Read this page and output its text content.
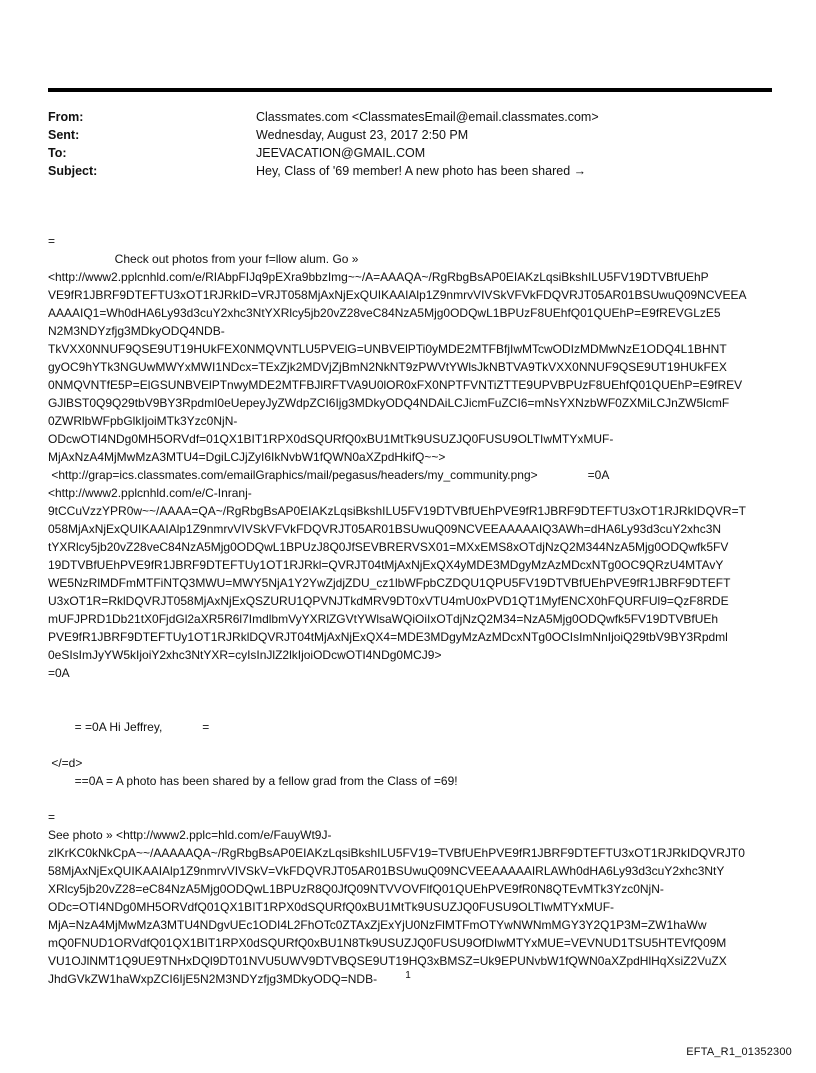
From:	Classmates.com <ClassmatesEmail@email.classmates.com>
Sent:	Wednesday, August 23, 2017 2:50 PM
To:	JEEVACATION@GMAIL.COM
Subject:	Hey, Class of '69 member! A new photo has been shared →
=
Check out photos from your f=llow alum. Go »
<http://www2.pplcnhld.com/e/RIAbpFIJq9pEXra9bbzImg~~/A=AAAQA~/RgRbgBsAP0EIAKzLqsiBkshILU5FV19DTVBfUEhP
VE9fR1JBRF9DTEFTU3xOT1RJRkID=VRJT058MjAxNjExQUIKAAIAlp1Z9nmrvVIVSkVFVkFDQVRJT05AR01BSUwuQ09NCVEEA
AAAAIQ1=Wh0dHA6Ly93d3cuY2xhc3NtYXRlcy5jb20vZ28veC84NzA5Mjg0ODQwL1BPUzF8UEhfQ01QUEhP=E9fREVGLzE5
N2M3NDYzfjg3MDkyODQ4NDB-
TkVXX0NNUF9QSE9UT19HUkFEX0NMQVNTLU5PVElG=UNBVElPTi0yMDE2MTFBfjIwMTcwODIzMDMwNzE1ODQ4L1BHNT
gyOC9hYTk3NGUwMWYxMWI1NDcx=TExZjk2MDVjZjBmN2NkNT9zPWVtYWlsJkNBTVA9TkVXX0NNUF9QSE9UT19HUkFEX
0NMQVNTfE5P=ElGSUNBVElPTnwyMDE2MTFBJlRFTVA9U0lOR0xFX0NPTFVNTiZTTE9UPVBPUzF8UEhfQ01QUEhP=E9fREV
GJlBST0Q9Q29tbV9BY3RpdmI0eUepeyJyZWdpZCI6Ijg3MDkyODQ4NDAiLCJicmFuZCI6=mNsYXNzbWF0ZXMiLCJnZW5lcmF
0ZWRlbWFpbGlkIjoiMTk3Yzc0NjN-
ODcwOTI4NDg0MH5ORVdf=01QX1BIT1RPX0dSQURfQ0xBU1MtTk9USUZJQ0FUSU9OLTIwMTYxMUF-
MjAxNzA4MjMwMzA3MTU4=DgiLCJjZyI6IkNvbW1fQWN0aXZpdHkifQ~~>
<http://grap=ics.classmates.com/emailGraphics/mail/pegasus/headers/my_community.png>               =0A
<http://www2.pplcnhld.com/e/C-Inranj-
9tCCuVzzYPR0w~~/AAAA=QA~/RgRbgBsAP0EIAKzLqsiBkshILU5FV19DTVBfUEhPVE9fR1JBRF9DTEFTU3xOT1RJRkIDQVR=T
058MjAxNjExQUIKAAIAlp1Z9nmrvVIVSkVFVkFDQVRJT05AR01BSUwuQ09NCVEEAAAAAIQ3AWh=dHA6Ly93d3cuY2xhc3N
tYXRlcy5jb20vZ28veC84NzA5Mjg0ODQwL1BPUzJ8Q0JfSEVBRERVSX01=MXxEMS8xOTdjNzQ2M344NzA5Mjg0ODQwfk5FV
19DTVBfUEhPVE9fR1JBRF9DTEFTUy1OT1RJRkl=QVRJT04tMjAxNjExQX4yMDE3MDgyMzAzMDcxNTg0OC9QRzU4MTAvY
WE5NzRlMDFmMTFiNTQ3MWU=MWY5NjA1Y2YwZjdjZDU_cz1lbWFpbCZDQU1QPU5FV19DTVBfUEhPVE9fR1JBRF9DTEFT
U3xOT1R=RklDQVRJT058MjAxNjExQSZURU1QPVNJTkdMRV9DT0xVTU4mU0xPVD1QT1MyfENCX0hFQURFUl9=QzF8RDE
mUFJPRD1Db21tX0FjdGl2aXR5R6l7ImdlbmVyYXRlZGVtYWlsaWQiOiIxOTdjNzQ2M34=NzA5Mjg0ODQwfk5FV19DTVBfUEh
PVE9fR1JBRF9DTEFTUy1OT1RJRklDQVRJT04tMjAxNjExQX4=MDE3MDgyMzAzMDcxNTg0OCIsImNnIjoiQ29tbV9BY3Rpdml
0eSIsImJyYW5kIjoiY2xhc3NtYXR=cyIsInJlZ2lkIjoiODcwOTI4NDg0MCJ9>
=0A
= =0A Hi Jeffrey,            =
</=d>
==0A = A photo has been shared by a fellow grad from the Class of =69!
=
See photo » <http://www2.pplc=hld.com/e/FauyWt9J-
zlKrKC0kNkCpA~~/AAAAAQA~/RgRbgBsAP0EIAKzLqsiBkshILU5FV19=TVBfUEhPVE9fR1JBRF9DTEFTU3xOT1RJRkIDQVRJT0
58MjAxNjExQUIKAAIAlp1Z9nmrvVIVSkV=VkFDQVRJT05AR01BSUwuQ09NCVEEAAAAAIRLAWh0dHA6Ly93d3cuY2xhc3NtY
XRlcy5jb20vZ28=eC84NzA5Mjg0ODQwL1BPUzR8Q0JfQ09NTVVOVFlfQ01QUEhPVE9fR0N8QTEvMTk3Yzc0NjN-
ODc=OTI4NDg0MH5ORVdfQ01QX1BIT1RPX0dSQURfQ0xBU1MtTk9USUZJQ0FUSU9OLTIwMTYxMUF-
MjA=NzA4MjMwMzA3MTU4NDgvUEc1ODI4L2FhOTc0ZTAxZjExYjU0NzFlMTFmOTYwNWNmMGY3Y2Q1P3M=ZW1haWw
mQ0FNUD1ORVdfQ01QX1BIT1RPX0dSQURfQ0xBU1N8Tk9USUZJQ0FUSU9OfDIwMTYxMUE=VEVNUD1TSU5HTEVfQ09M
VU1OJlNMT1Q9UE9TNHxDQl9DT01NVU5UWV9DTVBQSE9UT19HQ3xBMSZ=Uk9EPUNvbW1fQWN0aXZpdHlHqXsiZ2VuZX
JhdGVkZW1haWxpZCI6IjE5N2M3NDYzfjg3MDkyODQ=NDB-	1
EFTA_R1_01352300
